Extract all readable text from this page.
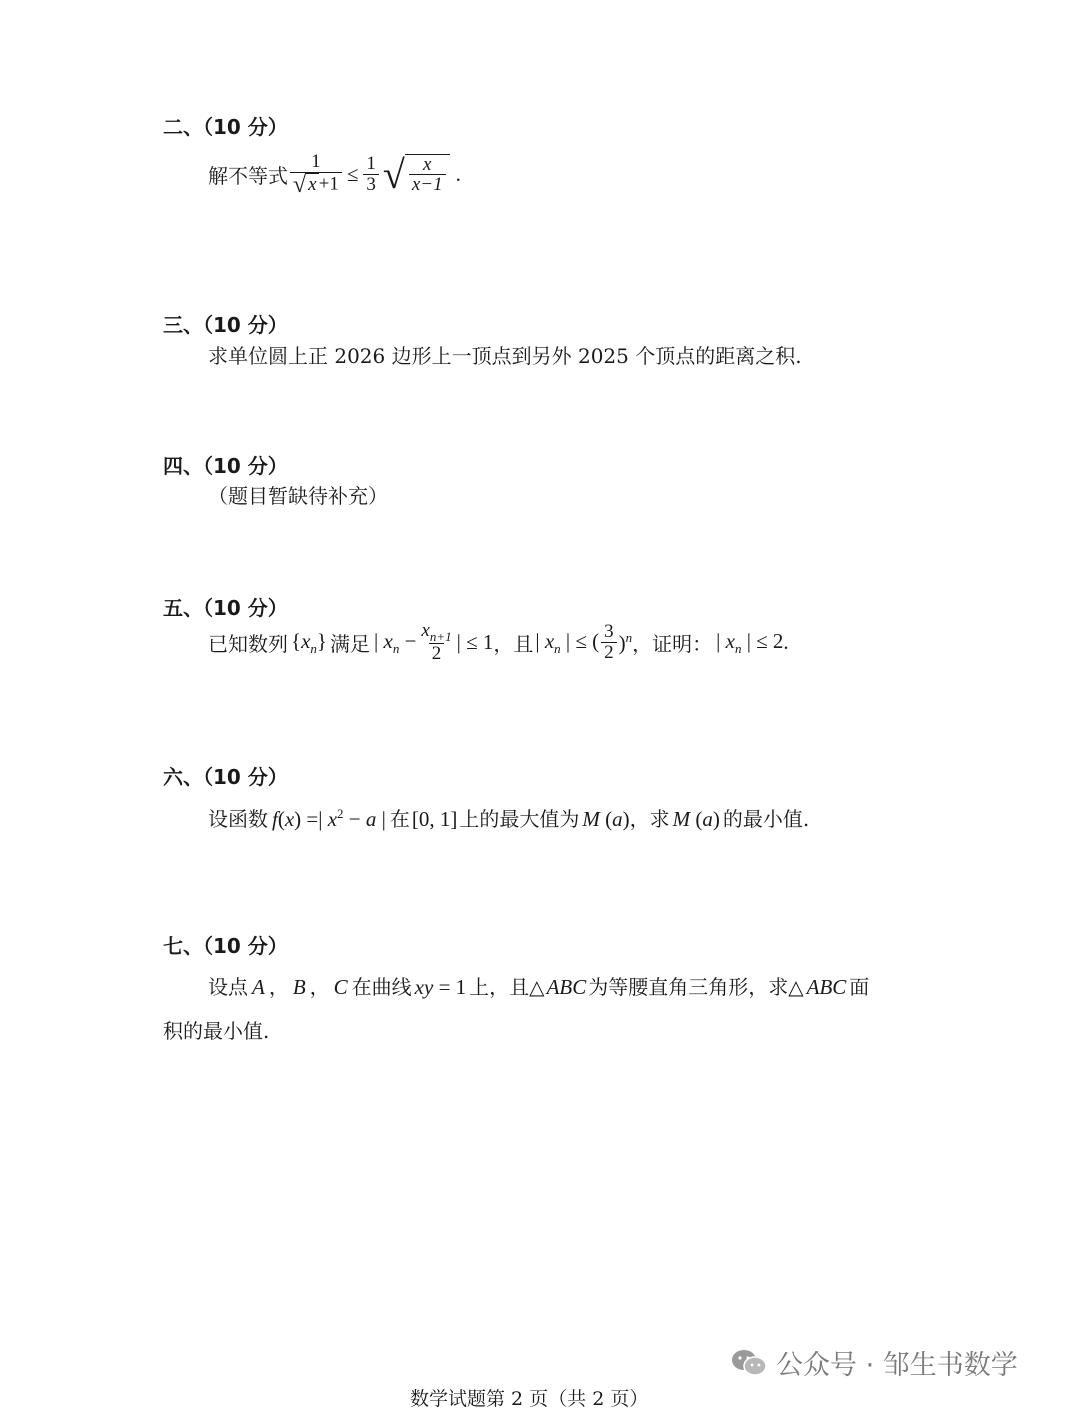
二、（10 分）
解不等式 $\frac{1}{√ x +1} \le \frac{1}{3}$ √ $\frac{x}{x-1}$ .
三、（10 分）
求单位圆上正 2026 边形上一顶点到另外 2025 个顶点的距离之积.
四、（10 分）
（题目暂缺待补充）
五、（10 分）
已知数列 $\{x_n\}$ 满足 | $x_n - \frac{x_{n+1}}{2}$ | ≤ 1 ，且 | $x_n$ | ≤ ( $\frac{3}{2} )^n$ ，证明： | $x_n$ | ≤ 2 .
六、（10 分）
设函数 f(x) =| $x^2 - a$ | 在 [0, 1] 上的最大值为 M (a) ，求 M (a) 的最小值.
七、（10 分）
设点 A ， B ， C 在曲线 xy = 1 上，且△ ABC 为等腰直角三角形，求△ ABC 面
积的最小值.
公众号 · 邹生书数学
数学试题第 2 页（共 2 页）
